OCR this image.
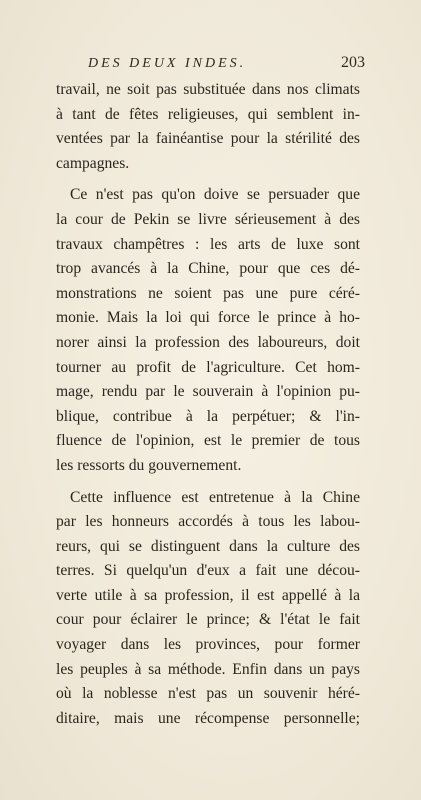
DES DEUX INDES.	203
travail, ne soit pas substituée dans nos climats
à tant de fêtes religieuses, qui semblent in-
ventées par la fainéantise pour la stérilité des
campagnes.
Ce n'est pas qu'on doive se persuader que
la cour de Pekin se livre sérieusement à des
travaux champêtres : les arts de luxe sont
trop avancés à la Chine, pour que ces dé-
monstrations ne soient pas une pure céré-
monie. Mais la loi qui force le prince à ho-
norer ainsi la profession des laboureurs, doit
tourner au profit de l'agriculture. Cet hom-
mage, rendu par le souverain à l'opinion pu-
blique, contribue à la perpétuer; & l'in-
fluence de l'opinion, est le premier de tous
les ressorts du gouvernement.
Cette influence est entretenue à la Chine
par les honneurs accordés à tous les labou-
reurs, qui se distinguent dans la culture des
terres. Si quelqu'un d'eux a fait une décou-
verte utile à sa profession, il est appellé à la
cour pour éclairer le prince; & l'état le fait
voyager dans les provinces, pour former
les peuples à sa méthode. Enfin dans un pays
où la noblesse n'est pas un souvenir héré-
ditaire, mais une récompense personnelle;
